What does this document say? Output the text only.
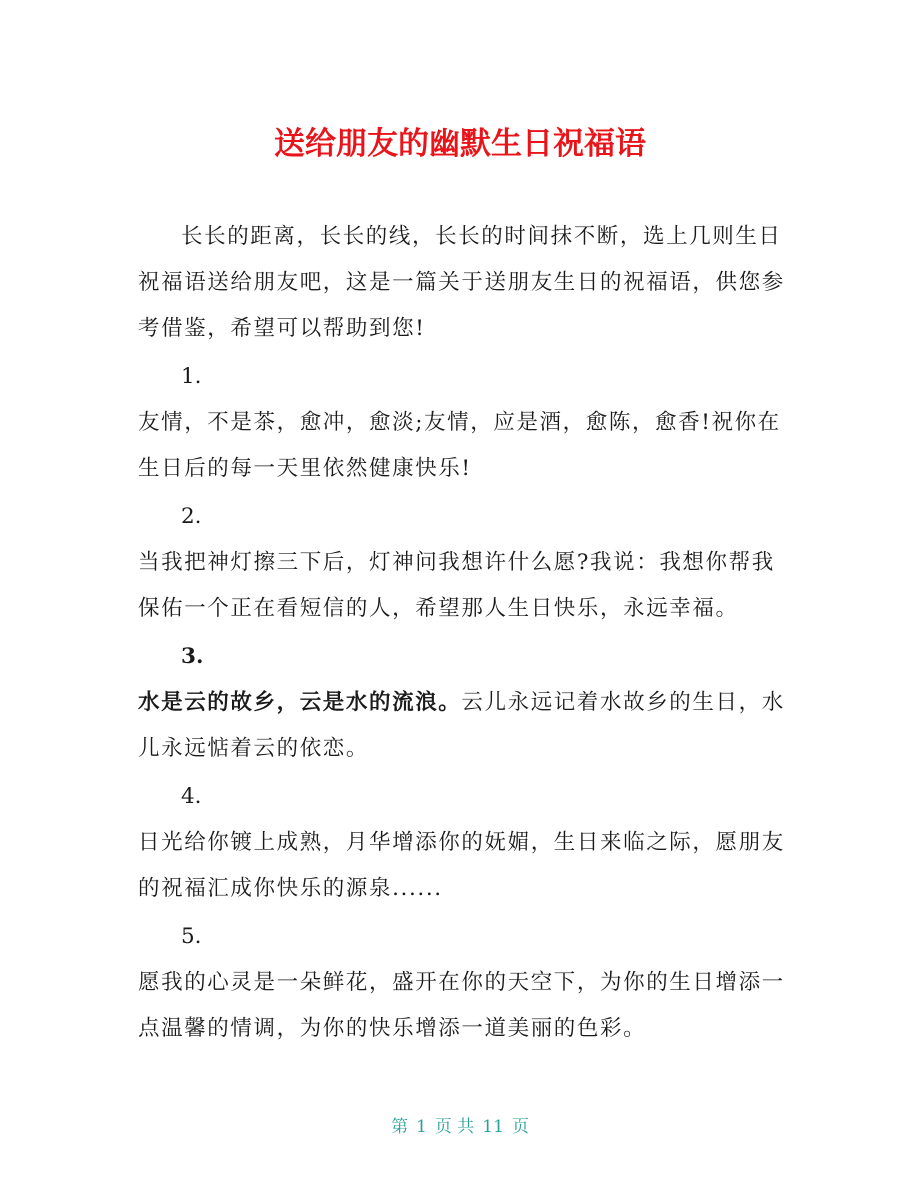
送给朋友的幽默生日祝福语

长长的距离，长长的线，长长的时间抹不断，选上几则生日祝福语送给朋友吧，这是一篇关于送朋友生日的祝福语，供您参考借鉴，希望可以帮助到您!

1.

友情，不是茶，愈冲，愈淡;友情，应是酒，愈陈，愈香!祝你在生日后的每一天里依然健康快乐!

2.

当我把神灯擦三下后，灯神问我想许什么愿?我说：我想你帮我保佑一个正在看短信的人，希望那人生日快乐，永远幸福。

3.

水是云的故乡，云是水的流浪。云儿永远记着水故乡的生日，水儿永远惦着云的依恋。

4.

日光给你镀上成熟，月华增添你的妩媚，生日来临之际，愿朋友的祝福汇成你快乐的源泉......

5.

愿我的心灵是一朵鲜花，盛开在你的天空下，为你的生日增添一点温馨的情调，为你的快乐增添一道美丽的色彩。

第 1 页 共 11 页
